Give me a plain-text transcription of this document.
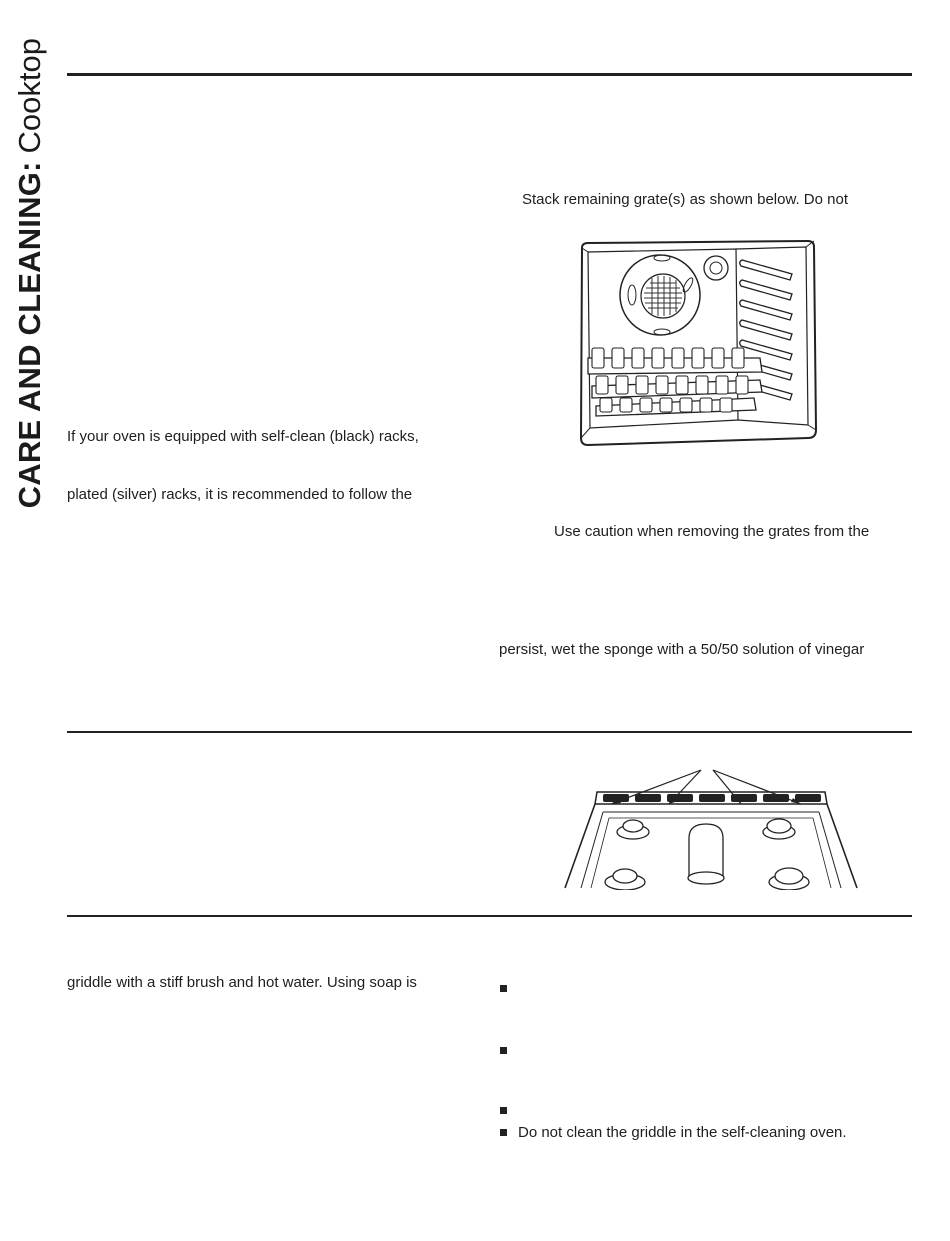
CARE AND CLEANING:
Cooktop
Stack remaining grate(s) as shown below. Do not
Use caution when removing the grates from the
persist, wet the sponge with a 50/50 solution of vinegar
If your oven is equipped with self-clean (black) racks,
plated (silver) racks, it is recommended to follow the
griddle with a stiff brush and hot water. Using soap is
Do not clean the griddle in the self-cleaning oven.
